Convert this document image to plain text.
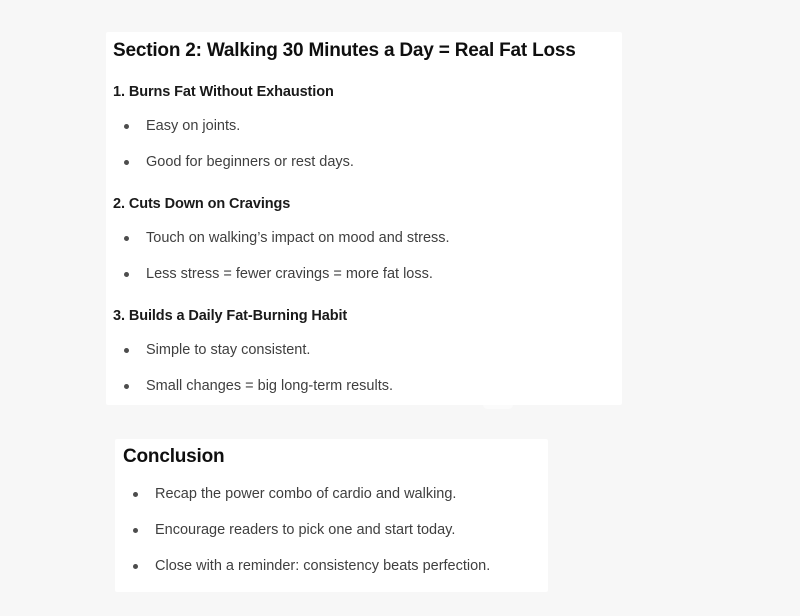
Section 2: Walking 30 Minutes a Day = Real Fat Loss
1. Burns Fat Without Exhaustion
Easy on joints.
Good for beginners or rest days.
2. Cuts Down on Cravings
Touch on walking’s impact on mood and stress.
Less stress = fewer cravings = more fat loss.
3. Builds a Daily Fat-Burning Habit
Simple to stay consistent.
Small changes = big long-term results.
Conclusion
Recap the power combo of cardio and walking.
Encourage readers to pick one and start today.
Close with a reminder: consistency beats perfection.
